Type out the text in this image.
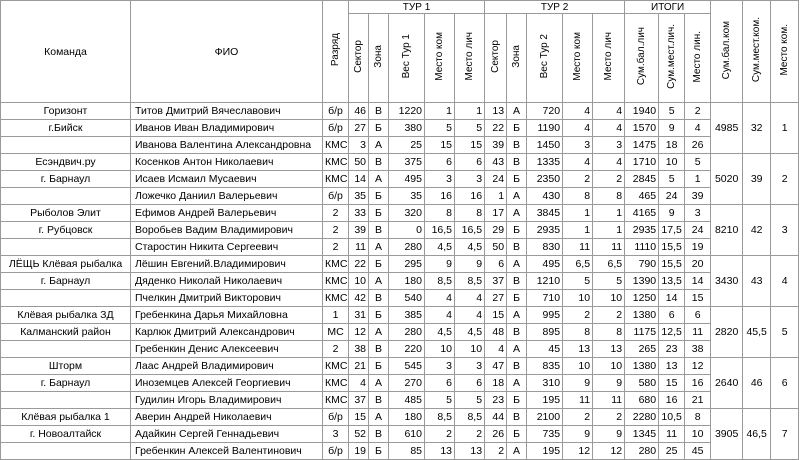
Команда	ФИО	Разряд	ТУР 1					ТУР 2					ИТОГИ			Сум.бал.ком	Сум.мест.ком.	Место ком.
			Сектор	Зона	Вес Тур 1	Место ком	Место лич	Сектор	Зона	Вес Тур 2	Место ком	Место лич	Сум.бал.лич	Сум.мест.лич.	Место лин.			
Горизонт	Титов Дмитрий Вячеславович	б/р	46	В	1220	1	1	13	А	720	4	4	1940	5	2	4985	32	1
г.Бийск	Иванов Иван Владимирович	б/р	27	Б	380	5	5	22	Б	1190	4	4	1570	9	4			
	Иванова Валентина Александровна	КМС	3	А	25	15	15	39	В	1450	3	3	1475	18	26			
Есэндвич.ру	Косенков Антон Николаевич	КМС	50	В	375	6	6	43	В	1335	4	4	1710	10	5	5020	39	2
г. Барнаул	Исаев Исмаил Мусаевич	КМС	14	А	495	3	3	24	Б	2350	2	2	2845	5	1			
	Ложечко Даниил Валерьевич	б/р	35	Б	35	16	16	1	А	430	8	8	465	24	39			
Рыболов Элит	Ефимов Андрей Валерьевич	2	33	Б	320	8	8	17	А	3845	1	1	4165	9	3	8210	42	3
г. Рубцовск	Воробьев Вадим Владимирович	2	39	В	0	16,5	16,5	29	Б	2935	1	1	2935	17,5	24			
	Старостин Никита Сергеевич	2	11	А	280	4,5	4,5	50	В	830	11	11	1110	15,5	19			
ЛЁЩЬ Клёвая рыбалка	Лёшин Евгений.Владимирович	КМС	22	Б	295	9	9	6	А	495	6,5	6,5	790	15,5	20	3430	43	4
г. Барнаул	Дяденко Николай Николаевич	КМС	10	А	180	8,5	8,5	37	В	1210	5	5	1390	13,5	14			
	Пчелкин Дмитрий Викторович	КМС	42	В	540	4	4	27	Б	710	10	10	1250	14	15			
Клёвая рыбалка ЗД	Гребенкина Дарья Михайловна	1	31	Б	385	4	4	15	А	995	2	2	1380	6	6	2820	45,5	5
Калманский район	Карлюк Дмитрий Александрович	МС	12	А	280	4,5	4,5	48	В	895	8	8	1175	12,5	11			
	Гребенкин Денис Алексеевич	2	38	В	220	10	10	4	А	45	13	13	265	23	38			
Шторм	Лаас Андрей Владимирович	КМС	21	Б	545	3	3	47	В	835	10	10	1380	13	12	2640	46	6
г. Барнаул	Иноземцев Алексей Георгиевич	КМС	4	А	270	6	6	18	А	310	9	9	580	15	16			
	Гудилин Игорь Владимирович	КМС	37	В	485	5	5	23	Б	195	11	11	680	16	21			
Клёвая рыбалка 1	Аверин Андрей Николаевич	б/р	15	А	180	8,5	8,5	44	В	2100	2	2	2280	10,5	8	3905	46,5	7
г. Новоалтайск	Адайкин Сергей Геннадьевич	3	52	В	610	2	2	26	Б	735	9	9	1345	11	10			
	Гребенкин Алексей Валентинович	б/р	19	Б	85	13	13	2	А	195	12	12	280	25	45			
